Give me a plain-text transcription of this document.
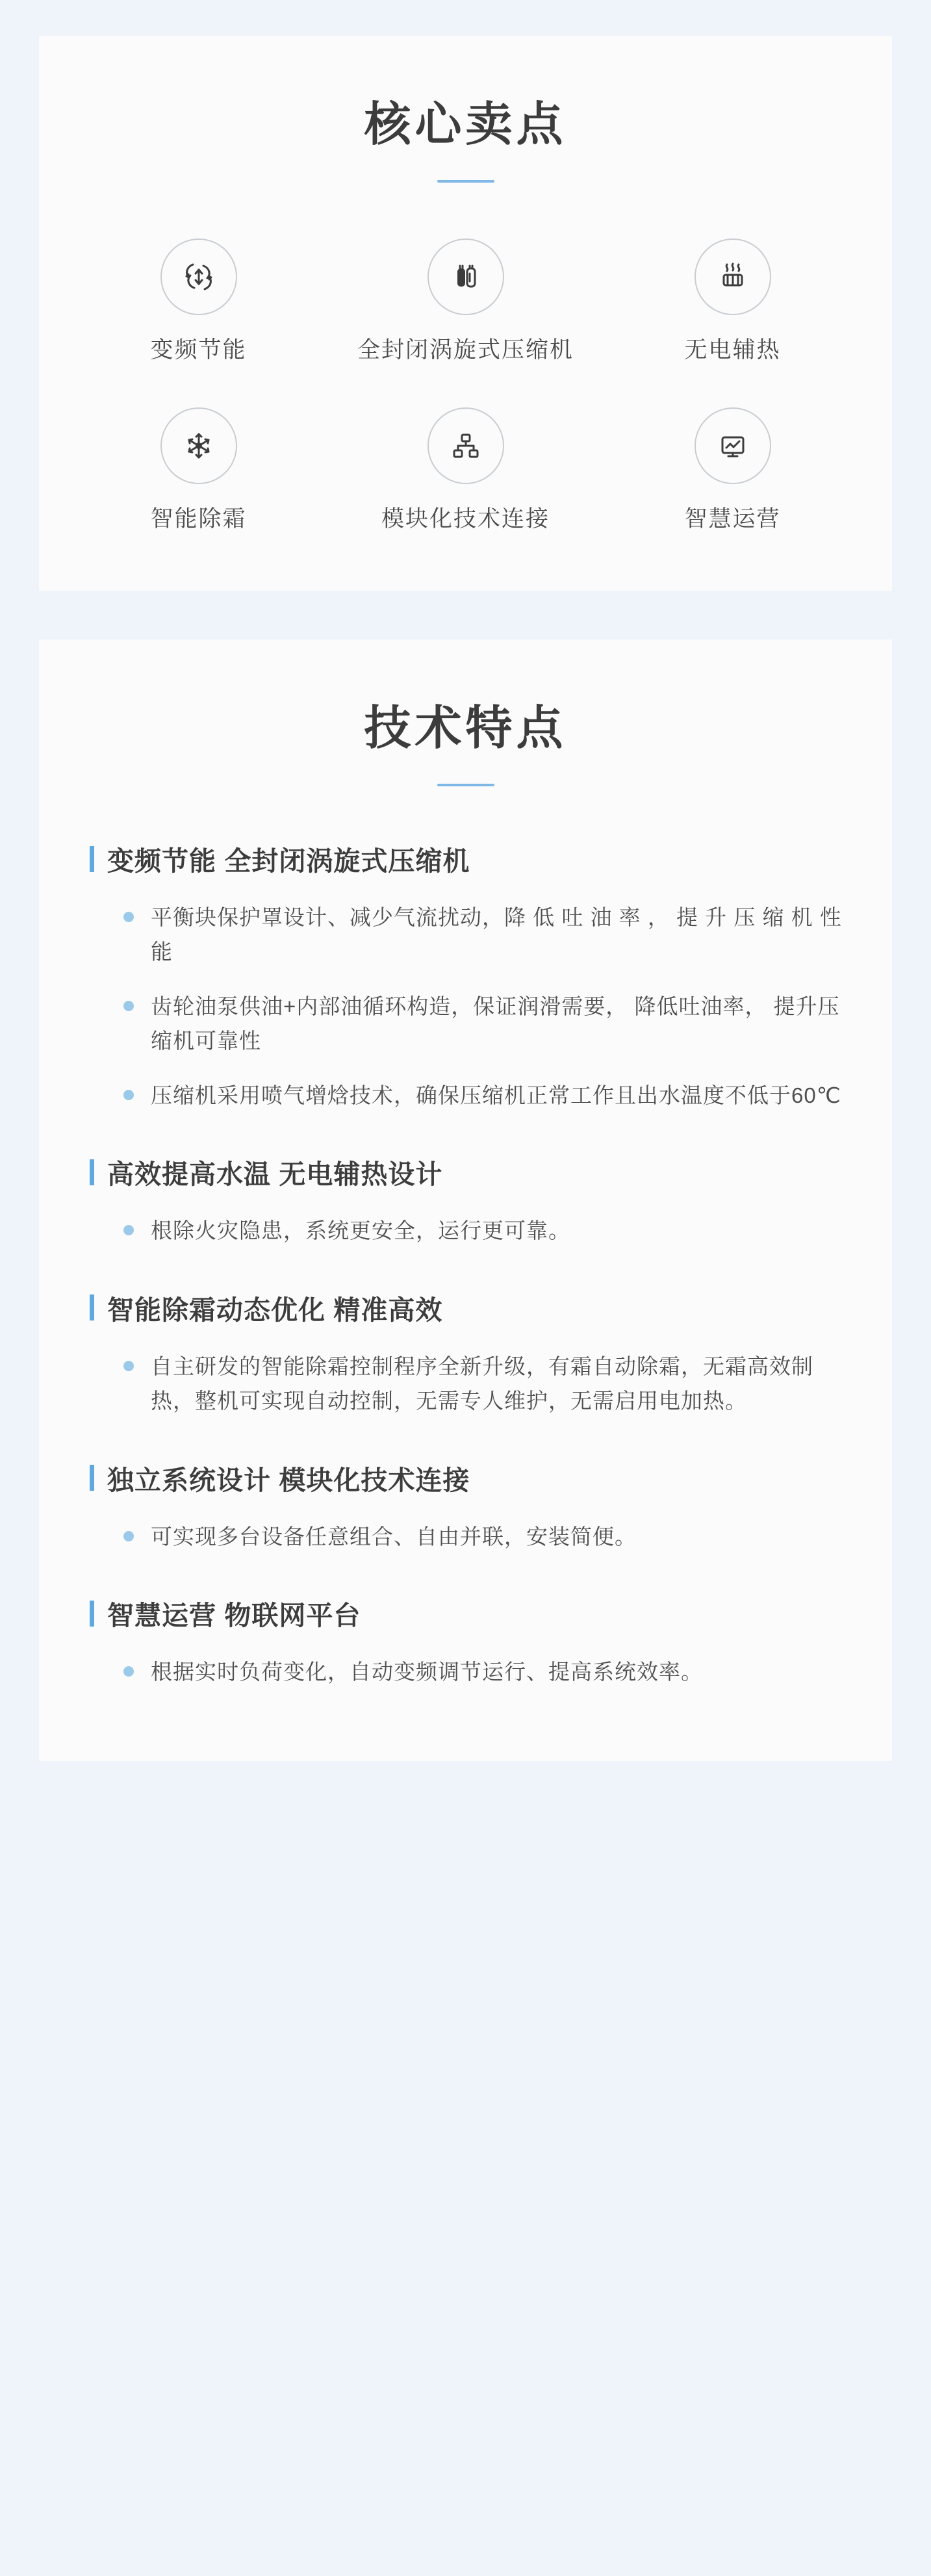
核心卖点
变频节能	全封闭涡旋式压缩机	无电辅热
智能除霜	模块化技术连接	智慧运营
技术特点
变频节能 全封闭涡旋式压缩机
平衡块保护罩设计、减少气流扰动，降 低 吐 油 率 ， 提 升 压 缩 机 性 能
齿轮油泵供油+内部油循环构造，保证润滑需要， 降低吐油率， 提升压缩机可靠性
压缩机采用喷气增焓技术，确保压缩机正常工作且出水温度不低于60℃
高效提高水温 无电辅热设计
根除火灾隐患，系统更安全，运行更可靠。
智能除霜动态优化 精准高效
自主研发的智能除霜控制程序全新升级，有霜自动除霜，无霜高效制热，整机可实现自动控制，无需专人维护，无需启用电加热。
独立系统设计 模块化技术连接
可实现多台设备任意组合、自由并联，安装简便。
智慧运营 物联网平台
根据实时负荷变化，自动变频调节运行、提高系统效率。
